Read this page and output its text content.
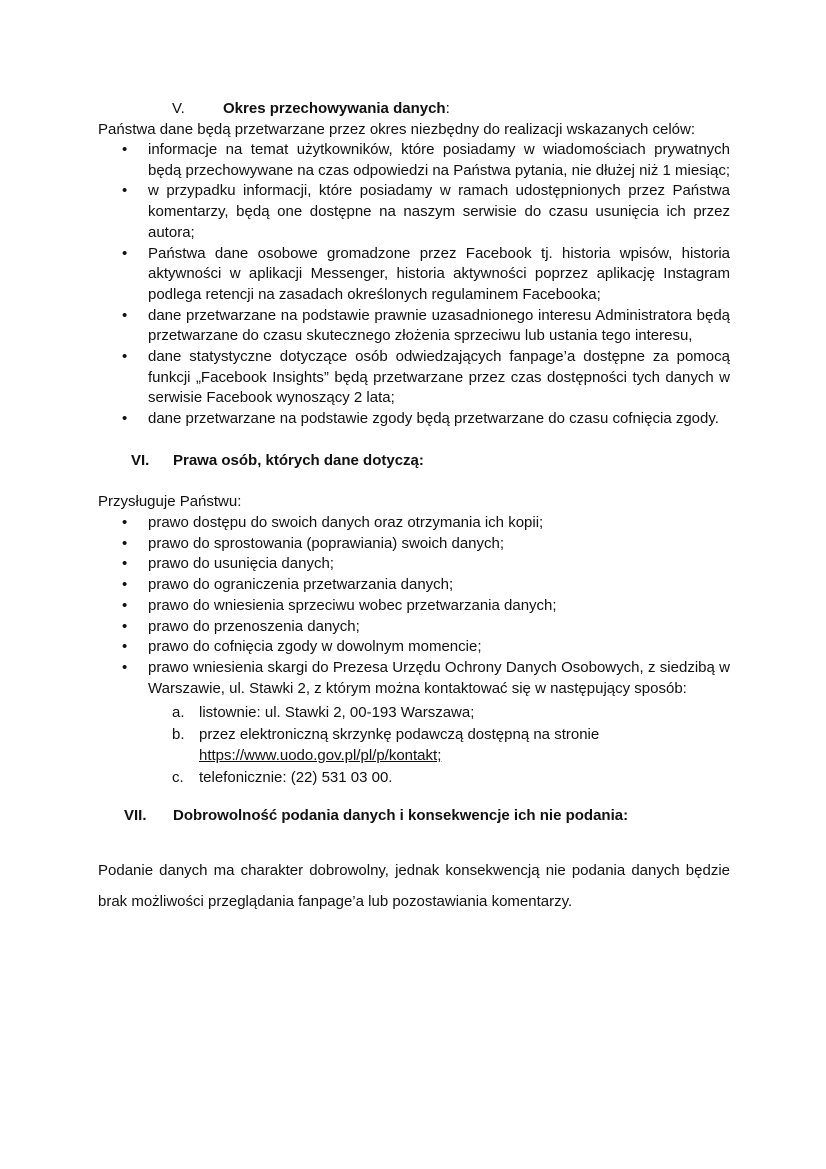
V.	Okres przechowywania danych:
Państwa dane będą przetwarzane przez okres niezbędny do realizacji wskazanych celów:
• informacje na temat użytkowników, które posiadamy w wiadomościach prywatnych będą przechowywane na czas odpowiedzi na Państwa pytania, nie dłużej niż 1 miesiąc;
• w przypadku informacji, które posiadamy w ramach udostępnionych przez Państwa komentarzy, będą one dostępne na naszym serwisie do czasu usunięcia ich przez autora;
• Państwa dane osobowe gromadzone przez Facebook tj. historia wpisów, historia aktywności w aplikacji Messenger, historia aktywności poprzez aplikację Instagram podlega retencji na zasadach określonych regulaminem Facebooka;
• dane przetwarzane na podstawie prawnie uzasadnionego interesu Administratora będą przetwarzane do czasu skutecznego złożenia sprzeciwu lub ustania tego interesu,
• dane statystyczne dotyczące osób odwiedzających fanpage’a dostępne za pomocą funkcji „Facebook Insights” będą przetwarzane przez czas dostępności tych danych w serwisie Facebook wynoszący 2 lata;
• dane przetwarzane na podstawie zgody będą przetwarzane do czasu cofnięcia zgody.
VI. Prawa osób, których dane dotyczą:
Przysługuje Państwu:
• prawo dostępu do swoich danych oraz otrzymania ich kopii;
• prawo do sprostowania (poprawiania) swoich danych;
• prawo do usunięcia danych;
• prawo do ograniczenia przetwarzania danych;
• prawo do wniesienia sprzeciwu wobec przetwarzania danych;
• prawo do przenoszenia danych;
• prawo do cofnięcia zgody w dowolnym momencie;
• prawo wniesienia skargi do Prezesa Urzędu Ochrony Danych Osobowych, z siedzibą w Warszawie, ul. Stawki 2, z którym można kontaktować się w następujący sposób:
a. listownie: ul. Stawki 2, 00-193 Warszawa;
b. przez elektroniczną skrzynkę podawczą dostępną na stronie
https://www.uodo.gov.pl/pl/p/kontakt;
c. telefonicznie: (22) 531 03 00.
VII. Dobrowolność podania danych i konsekwencje ich nie podania:
Podanie danych ma charakter dobrowolny, jednak konsekwencją nie podania danych będzie brak możliwości przeglądania fanpage’a lub pozostawiania komentarzy.
